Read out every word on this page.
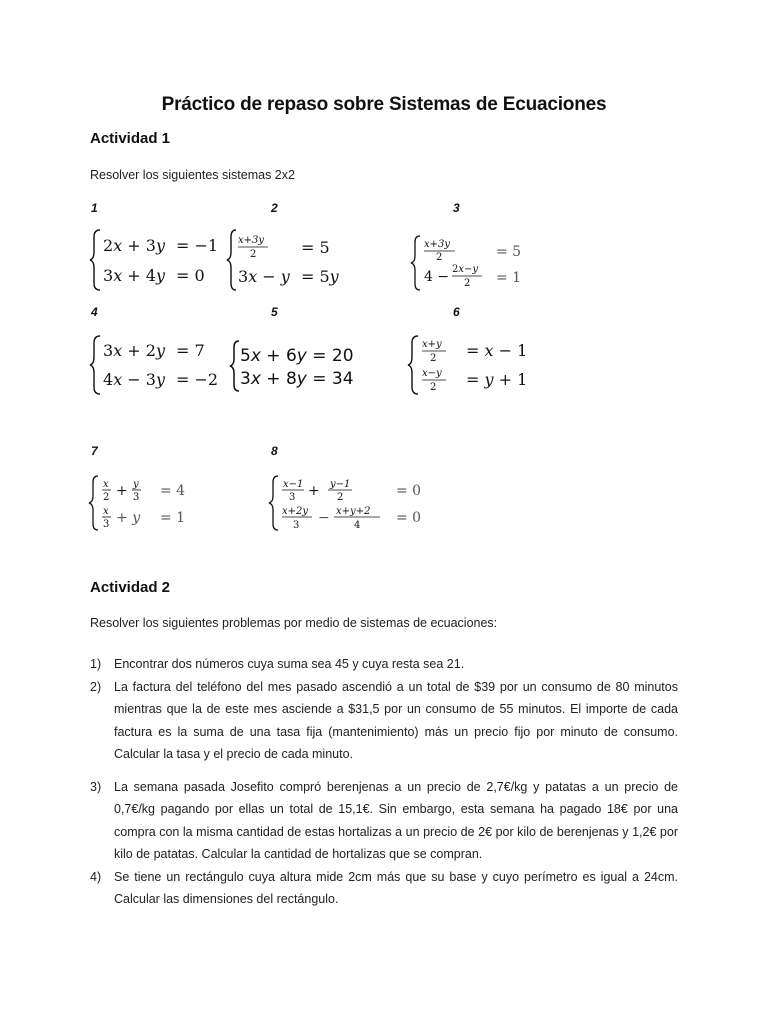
Práctico de repaso sobre Sistemas de Ecuaciones
Actividad 1
Resolver los siguientes sistemas 2x2
1	2	3
4	5	6
7	8
2x + 3y = −1
3x + 4y = 0
x+3y
2	= 5
3x − y = 5y
x+3y
2	= 5
4 − 2x−y
2 = 1
3x + 2y = 7
4x − 3y = −2
5x + 6y = 20
3x + 8y = 34
x+y
2 = x − 1
x−y
2 = y + 1
x
2 + y
3 = 4
x
3 + y = 1
x−1
3 + y−1
2	= 0
x+2y
3 − x+y+2
4	= 0
Actividad 2
Resolver los siguientes problemas por medio de sistemas de ecuaciones:
1) Encontrar dos números cuya suma sea 45 y cuya resta sea 21.
2) La factura del teléfono del mes pasado ascendió a un total de $39 por un consumo de 80 minutos mientras que la de este mes asciende a $31,5 por un consumo de 55 minutos. El importe de cada factura es la suma de una tasa fija (mantenimiento) más un precio fijo por minuto de consumo. Calcular la tasa y el precio de cada minuto.
3) La semana pasada Josefito compró berenjenas a un precio de 2,7€/kg y patatas a un precio de 0,7€/kg pagando por ellas un total de 15,1€. Sin embargo, esta semana ha pagado 18€ por una compra con la misma cantidad de estas hortalizas a un precio de 2€ por kilo de berenjenas y 1,2€ por kilo de patatas. Calcular la cantidad de hortalizas que se compran.
4) Se tiene un rectángulo cuya altura mide 2cm más que su base y cuyo perímetro es igual a 24cm. Calcular las dimensiones del rectángulo.
